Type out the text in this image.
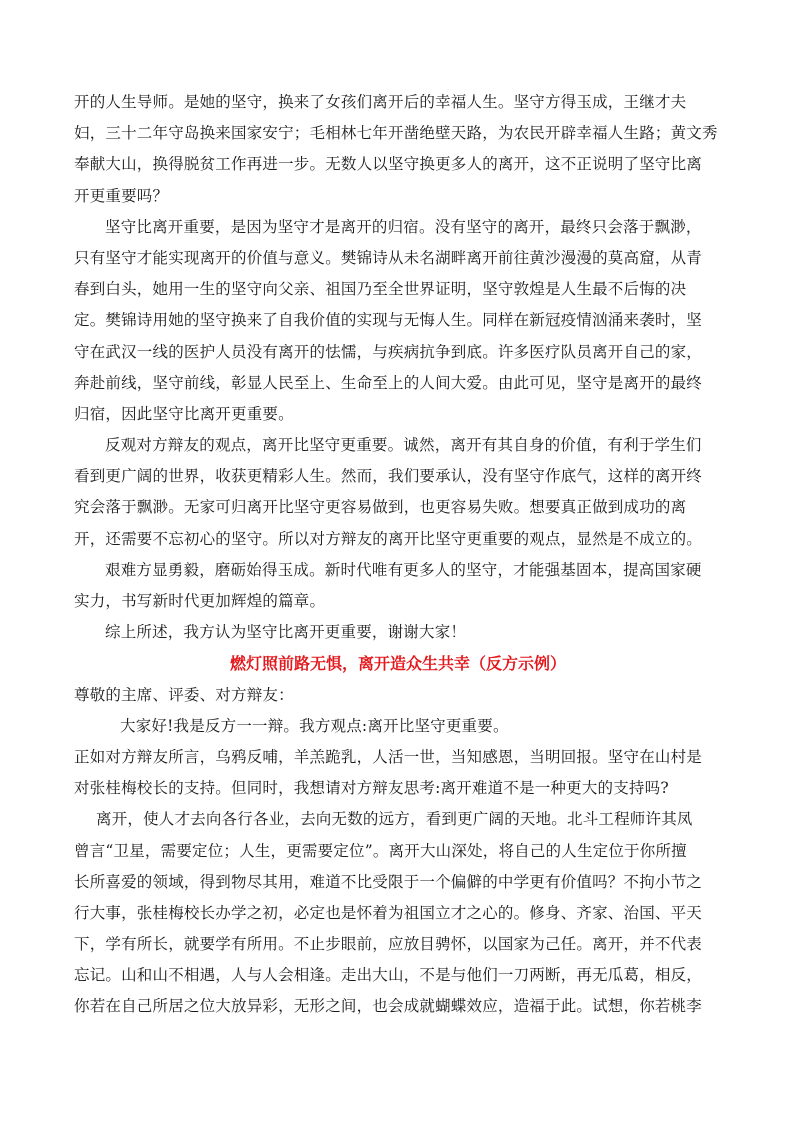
开的人生导师。是她的坚守，换来了女孩们离开后的幸福人生。坚守方得玉成，王继才夫
妇，三十二年守岛换来国家安宁；毛相林七年开凿绝壁天路，为农民开辟幸福人生路；黄文秀
奉献大山，换得脱贫工作再进一步。无数人以坚守换更多人的离开，这不正说明了坚守比离
开更重要吗？
坚守比离开重要，是因为坚守才是离开的归宿。没有坚守的离开，最终只会落于飘渺，
只有坚守才能实现离开的价值与意义。樊锦诗从未名湖畔离开前往黄沙漫漫的莫高窟，从青
春到白头，她用一生的坚守向父亲、祖国乃至全世界证明，坚守敦煌是人生最不后悔的决
定。樊锦诗用她的坚守换来了自我价值的实现与无悔人生。同样在新冠疫情汹涌来袭时，坚
守在武汉一线的医护人员没有离开的怯懦，与疾病抗争到底。许多医疗队员离开自己的家，
奔赴前线，坚守前线，彰显人民至上、生命至上的人间大爱。由此可见，坚守是离开的最终
归宿，因此坚守比离开更重要。
反观对方辩友的观点，离开比坚守更重要。诚然，离开有其自身的价值，有利于学生们
看到更广阔的世界，收获更精彩人生。然而，我们要承认，没有坚守作底气，这样的离开终
究会落于飘渺。无家可归离开比坚守更容易做到，也更容易失败。想要真正做到成功的离
开，还需要不忘初心的坚守。所以对方辩友的离开比坚守更重要的观点，显然是不成立的。
艰难方显勇毅，磨砺始得玉成。新时代唯有更多人的坚守，才能强基固本，提高国家硬
实力，书写新时代更加辉煌的篇章。
综上所述，我方认为坚守比离开更重要，谢谢大家！
燃灯照前路无惧，离开造众生共幸（反方示例）
尊敬的主席、评委、对方辩友：
大家好!我是反方一一辩。我方观点:离开比坚守更重要。
正如对方辩友所言，乌鸦反哺，羊羔跪乳，人活一世，当知感恩，当明回报。坚守在山村是
对张桂梅校长的支持。但同时，我想请对方辩友思考:离开难道不是一种更大的支持吗?
离开，使人才去向各行各业，去向无数的远方，看到更广阔的天地。北斗工程师许其凤
曾言“卫星，需要定位；人生，更需要定位”。离开大山深处，将自己的人生定位于你所擅
长所喜爱的领域，得到物尽其用，难道不比受限于一个偏僻的中学更有价值吗？不拘小节之
行大事，张桂梅校长办学之初，必定也是怀着为祖国立才之心的。修身、齐家、治国、平天
下，学有所长，就要学有所用。不止步眼前，应放目骋怀，以国家为己任。离开，并不代表
忘记。山和山不相遇，人与人会相逢。走出大山，不是与他们一刀两断，再无瓜葛，相反，
你若在自己所居之位大放异彩，无形之间，也会成就蝴蝶效应，造福于此。试想，你若桃李
